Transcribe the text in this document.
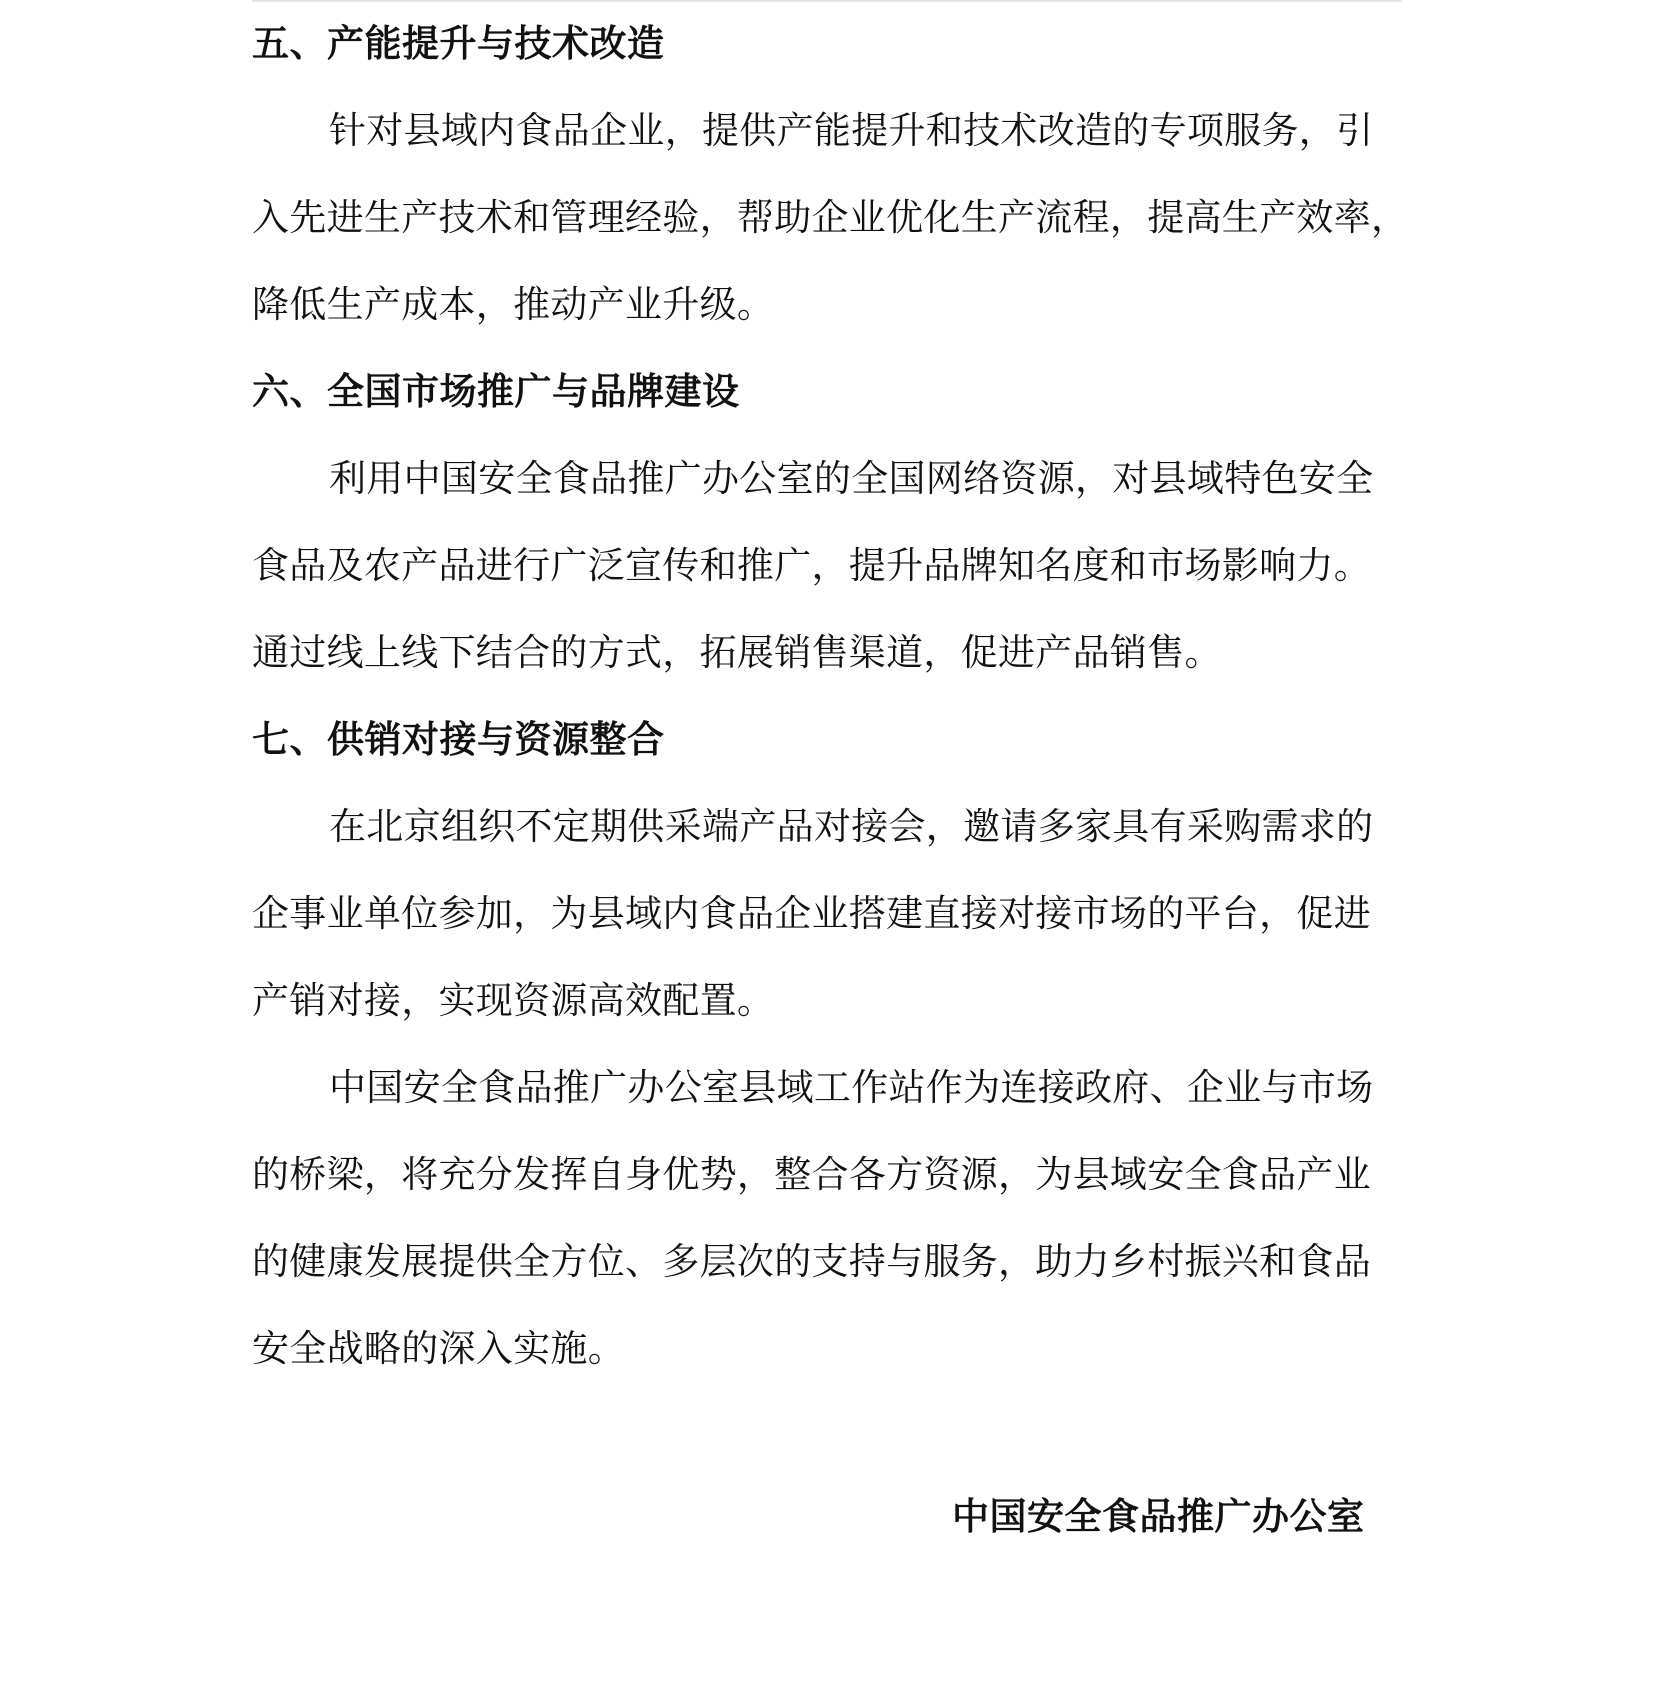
五、产能提升与技术改造

针对县域内食品企业，提供产能提升和技术改造的专项服务，引
入先进生产技术和管理经验，帮助企业优化生产流程，提高生产效率，
降低生产成本，推动产业升级。

六、全国市场推广与品牌建设

利用中国安全食品推广办公室的全国网络资源，对县域特色安全
食品及农产品进行广泛宣传和推广，提升品牌知名度和市场影响力。
通过线上线下结合的方式，拓展销售渠道，促进产品销售。

七、供销对接与资源整合

在北京组织不定期供采端产品对接会，邀请多家具有采购需求的
企事业单位参加，为县域内食品企业搭建直接对接市场的平台，促进
产销对接，实现资源高效配置。

中国安全食品推广办公室县域工作站作为连接政府、企业与市场
的桥梁，将充分发挥自身优势，整合各方资源，为县域安全食品产业
的健康发展提供全方位、多层次的支持与服务，助力乡村振兴和食品
安全战略的深入实施。

中国安全食品推广办公室
